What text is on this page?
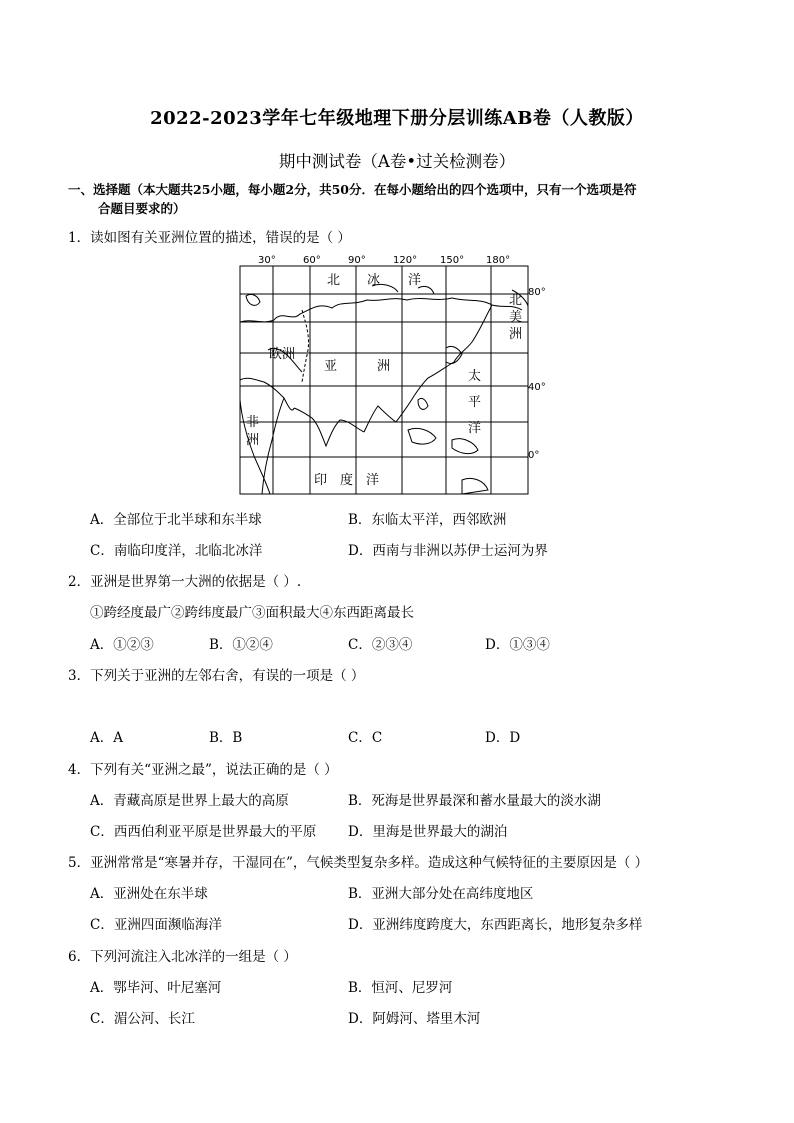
2022-2023学年七年级地理下册分层训练AB卷（人教版）
期中测试卷（A卷•过关检测卷）
一、选择题（本大题共25小题，每小题2分，共50分．在每小题给出的四个选项中，只有一个选项是符
合题目要求的）
1．读如图有关亚洲位置的描述，错误的是（ ）
30°	60°	90°	120° 150° 180°
80°
40°
0°
北 冰 洋
欧洲
亚	洲
非
洲
太
平
洋
北
美
洲
印 度 洋
A．全部位于北半球和东半球	B．东临太平洋，西邻欧洲
C．南临印度洋，北临北冰洋	D．西南与非洲以苏伊士运河为界
2．亚洲是世界第一大洲的依据是（ ）.
①跨经度最广②跨纬度最广③面积最大④东西距离最长
A．①②③	B．①②④	C．②③④	D．①③④
3．下列关于亚洲的左邻右舍，有误的一项是（ ）
A．A	B．B	C．C	D．D
4．下列有关“亚洲之最”，说法正确的是（ ）
A．青藏高原是世界上最大的高原	B．死海是世界最深和蓄水量最大的淡水湖
C．西西伯利亚平原是世界最大的平原 D．里海是世界最大的湖泊
5．亚洲常常是“寒暑并存，干湿同在”，气候类型复杂多样。造成这种气候特征的主要原因是（ ）
A．亚洲处在东半球	B．亚洲大部分处在高纬度地区
C．亚洲四面濒临海洋	D．亚洲纬度跨度大，东西距离长，地形复杂多样
6．下列河流注入北冰洋的一组是（ ）
A．鄂毕河、叶尼塞河	B．恒河、尼罗河
C．湄公河、长江	D．阿姆河、塔里木河
